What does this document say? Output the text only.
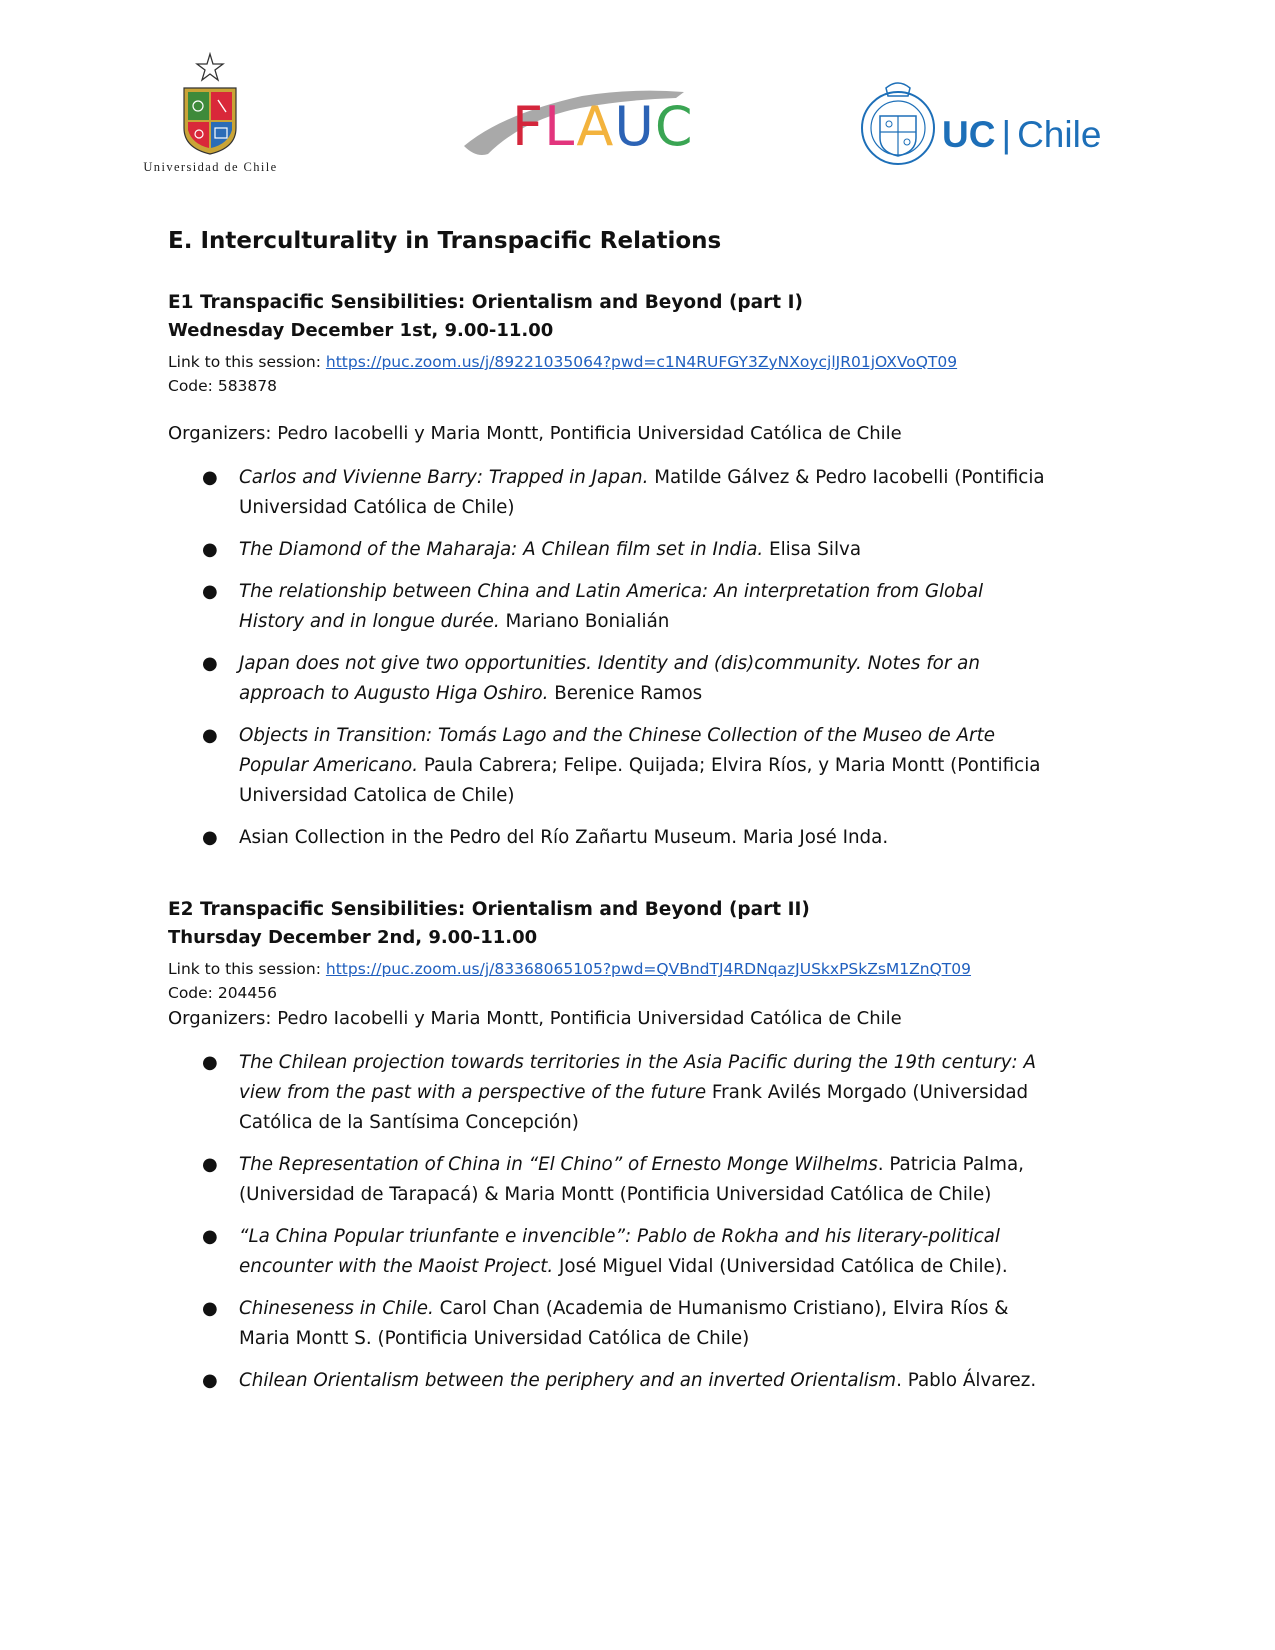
Universidad de Chile
FLAUC	UC | Chile
E. Interculturality in Transpacific Relations
E1 Transpacific Sensibilities: Orientalism and Beyond (part I)

Wednesday December 1st, 9.00-11.00

Link to this session: https://puc.zoom.us/j/89221035064?pwd=c1N4RUFGY3ZyNXoycjlJR01jOXVoQT09

Code: 583878

Organizers: Pedro Iacobelli y Maria Montt, Pontificia Universidad Católica de Chile

● Carlos and Vivienne Barry: Trapped in Japan. Matilde Gálvez & Pedro Iacobelli (Pontificia Universidad Católica de Chile)
● The Diamond of the Maharaja: A Chilean film set in India. Elisa Silva
● The relationship between China and Latin America: An interpretation from Global History and in longue durée. Mariano Bonialián
● Japan does not give two opportunities. Identity and (dis)community. Notes for an approach to Augusto Higa Oshiro. Berenice Ramos
● Objects in Transition: Tomás Lago and the Chinese Collection of the Museo de Arte Popular Americano. Paula Cabrera; Felipe. Quijada; Elvira Ríos, y Maria Montt (Pontificia Universidad Catolica de Chile)
● Asian Collection in the Pedro del Río Zañartu Museum. Maria José Inda.
E2 Transpacific Sensibilities: Orientalism and Beyond (part II)

Thursday December 2nd, 9.00-11.00

Link to this session: https://puc.zoom.us/j/83368065105?pwd=QVBndTJ4RDNqazJUSkxPSkZsM1ZnQT09

Code: 204456

Organizers: Pedro Iacobelli y Maria Montt, Pontificia Universidad Católica de Chile

● The Chilean projection towards territories in the Asia Pacific during the 19th century: A view from the past with a perspective of the future Frank Avilés Morgado (Universidad Católica de la Santísima Concepción)
● The Representation of China in “El Chino” of Ernesto Monge Wilhelms. Patricia Palma, (Universidad de Tarapacá) & Maria Montt (Pontificia Universidad Católica de Chile)
● “La China Popular triunfante e invencible”: Pablo de Rokha and his literary-political encounter with the Maoist Project. José Miguel Vidal (Universidad Católica de Chile).
● Chineseness in Chile. Carol Chan (Academia de Humanismo Cristiano), Elvira Ríos & Maria Montt S. (Pontificia Universidad Católica de Chile)
● Chilean Orientalism between the periphery and an inverted Orientalism. Pablo Álvarez.
